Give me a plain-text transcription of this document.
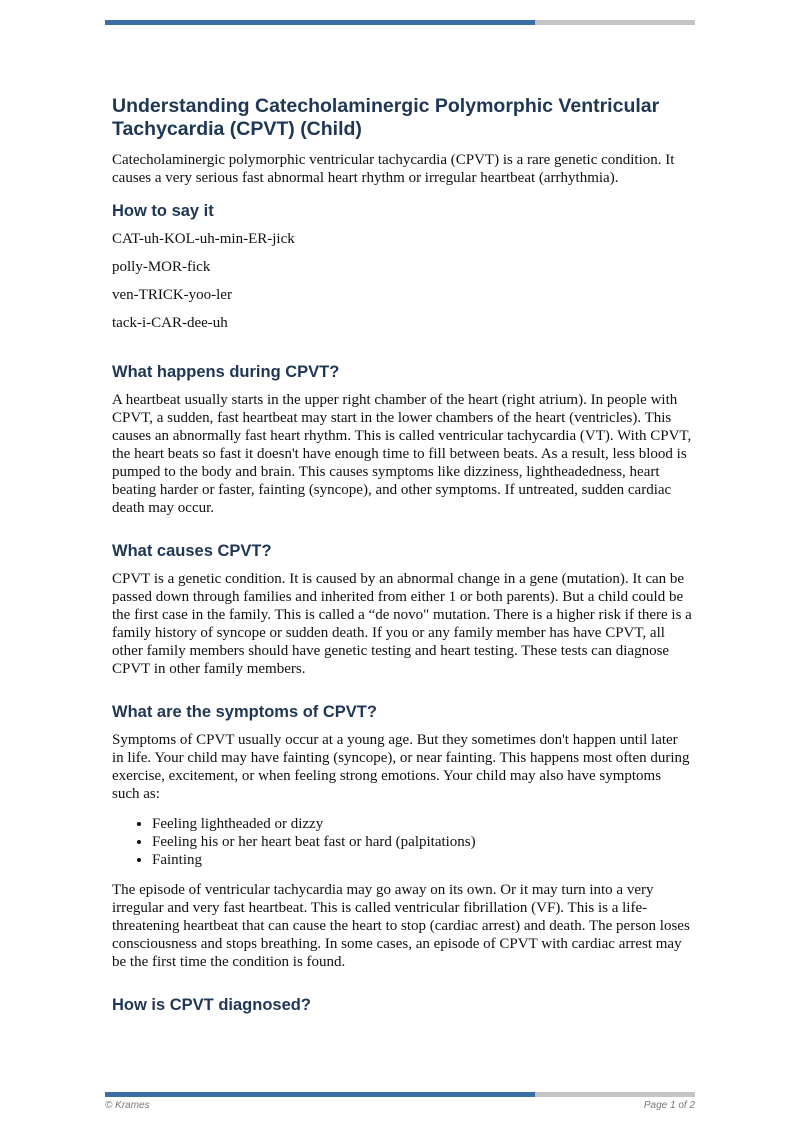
Understanding Catecholaminergic Polymorphic Ventricular Tachycardia (CPVT) (Child)

Catecholaminergic polymorphic ventricular tachycardia (CPVT) is a rare genetic condition. It causes a very serious fast abnormal heart rhythm or irregular heartbeat (arrhythmia).

How to say it

CAT-uh-KOL-uh-min-ER-jick

polly-MOR-fick

ven-TRICK-yoo-ler

tack-i-CAR-dee-uh

What happens during CPVT?

A heartbeat usually starts in the upper right chamber of the heart (right atrium). In people with CPVT, a sudden, fast heartbeat may start in the lower chambers of the heart (ventricles). This causes an abnormally fast heart rhythm. This is called ventricular tachycardia (VT). With CPVT, the heart beats so fast it doesn't have enough time to fill between beats. As a result, less blood is pumped to the body and brain. This causes symptoms like dizziness, lightheadedness, heart beating harder or faster, fainting (syncope), and other symptoms. If untreated, sudden cardiac death may occur.

What causes CPVT?

CPVT is a genetic condition. It is caused by an abnormal change in a gene (mutation). It can be passed down through families and inherited from either 1 or both parents). But a child could be the first case in the family. This is called a “de novo" mutation. There is a higher risk if there is a family history of syncope or sudden death. If you or any family member has have CPVT, all other family members should have genetic testing and heart testing. These tests can diagnose CPVT in other family members.

What are the symptoms of CPVT?

Symptoms of CPVT usually occur at a young age. But they sometimes don't happen until later in life. Your child may have fainting (syncope), or near fainting. This happens most often during exercise, excitement, or when feeling strong emotions. Your child may also have symptoms such as:

• Feeling lightheaded or dizzy
• Feeling his or her heart beat fast or hard (palpitations)
• Fainting

The episode of ventricular tachycardia may go away on its own. Or it may turn into a very irregular and very fast heartbeat. This is called ventricular fibrillation (VF). This is a life-threatening heartbeat that can cause the heart to stop (cardiac arrest) and death. The person loses consciousness and stops breathing. In some cases, an episode of CPVT with cardiac arrest may be the first time the condition is found.

How is CPVT diagnosed?
© Krames	Page 1 of 2
